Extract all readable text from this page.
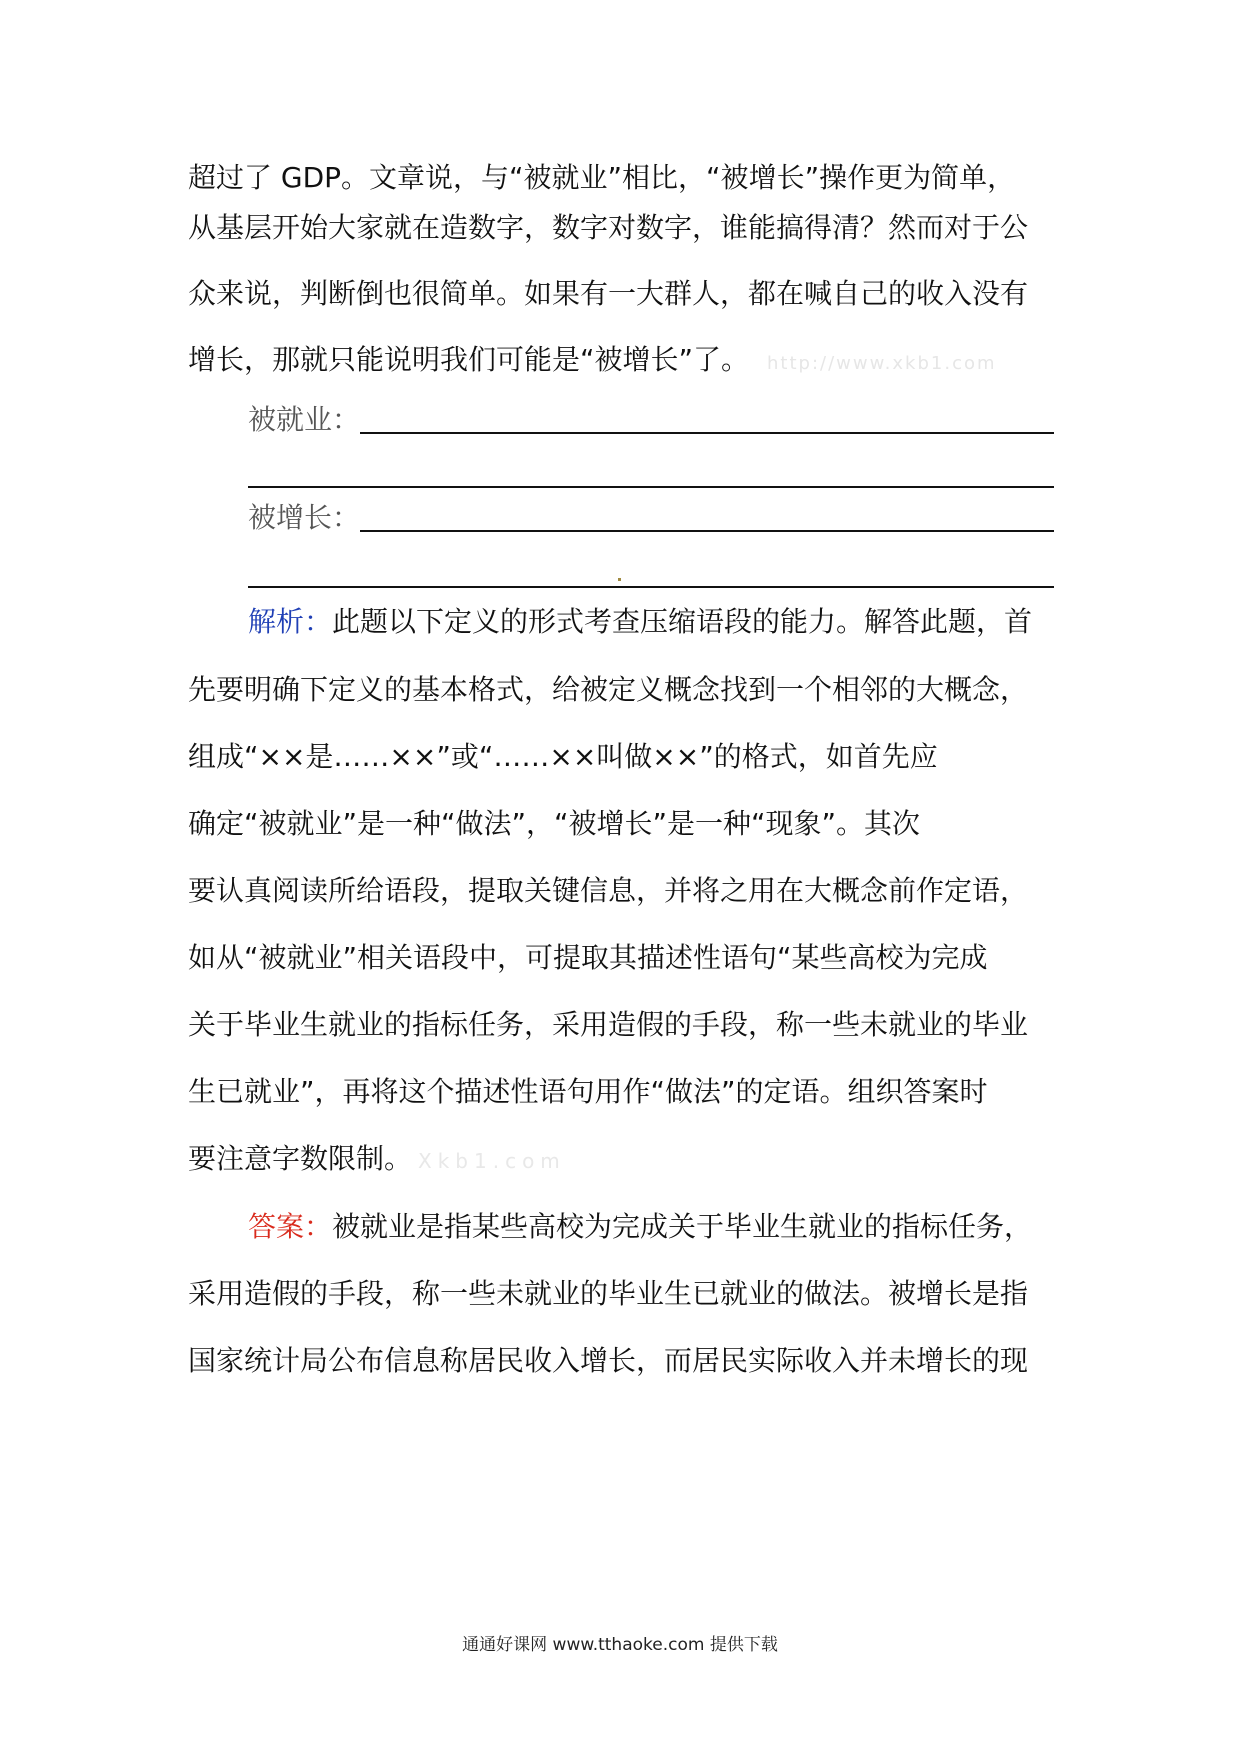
超过了 GDP。文章说，与“被就业”相比，“被增长”操作更为简单，
从基层开始大家就在造数字，数字对数字，谁能搞得清？然而对于公
众来说，判断倒也很简单。如果有一大群人，都在喊自己的收入没有
增长，那就只能说明我们可能是“被增长”了。 http://www.xkb1.com
被就业：
被增长：
解析：此题以下定义的形式考查压缩语段的能力。解答此题，首
先要明确下定义的基本格式，给被定义概念找到一个相邻的大概念，
组成“××是……××”或“……××叫做××”的格式，如首先应
确定“被就业”是一种“做法”，“被增长”是一种“现象”。其次
要认真阅读所给语段，提取关键信息，并将之用在大概念前作定语，
如从“被就业”相关语段中，可提取其描述性语句“某些高校为完成
关于毕业生就业的指标任务，采用造假的手段，称一些未就业的毕业
生已就业”，再将这个描述性语句用作“做法”的定语。组织答案时
要注意字数限制。 Xkb1.com
答案：被就业是指某些高校为完成关于毕业生就业的指标任务，
采用造假的手段，称一些未就业的毕业生已就业的做法。被增长是指
国家统计局公布信息称居民收入增长，而居民实际收入并未增长的现
通通好课网 www.tthaoke.com 提供下载
